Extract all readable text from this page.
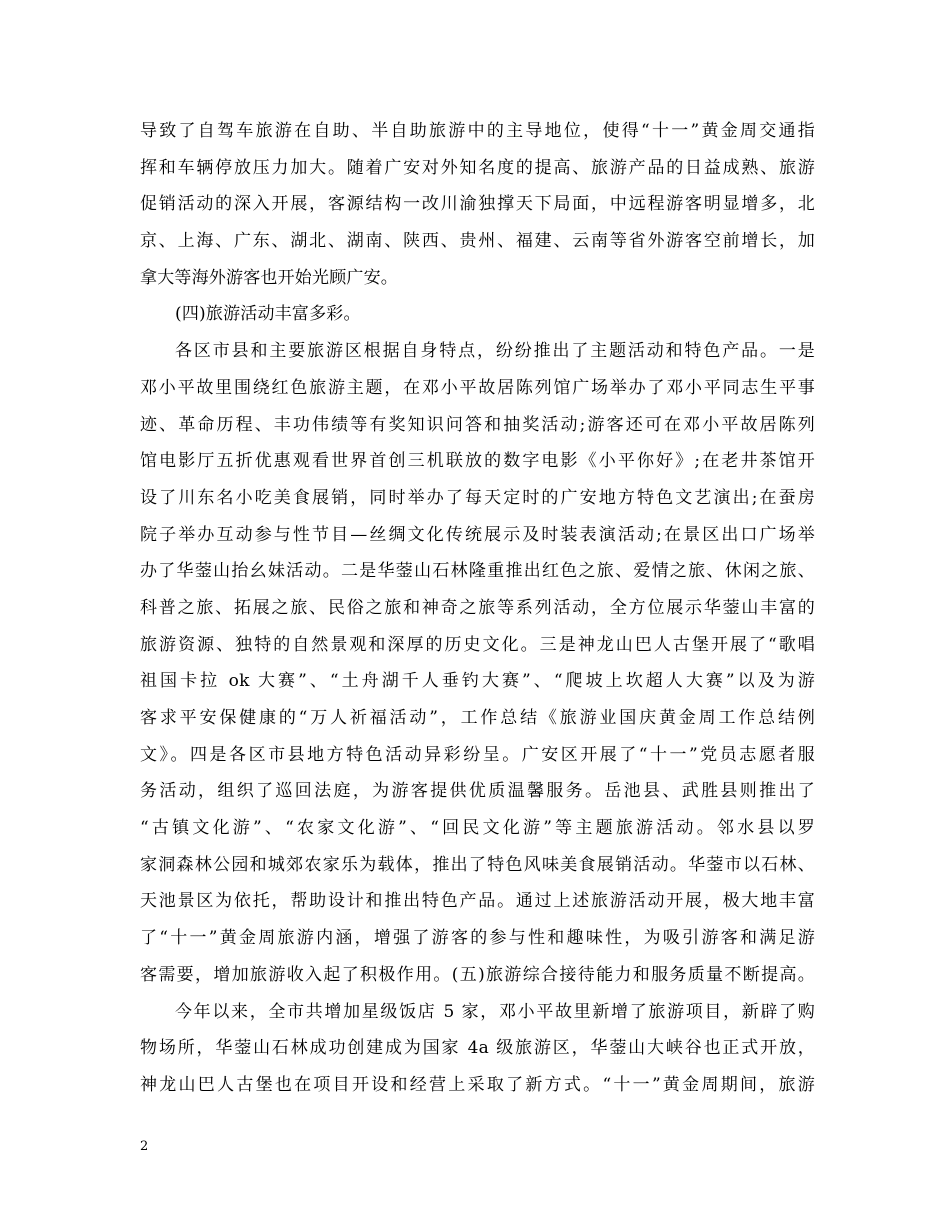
导致了自驾车旅游在自助、半自助旅游中的主导地位，使得“十一”黄金周交通指
挥和车辆停放压力加大。随着广安对外知名度的提高、旅游产品的日益成熟、旅游
促销活动的深入开展，客源结构一改川渝独撑天下局面，中远程游客明显增多，北
京、上海、广东、湖北、湖南、陕西、贵州、福建、云南等省外游客空前增长，加
拿大等海外游客也开始光顾广安。
(四)旅游活动丰富多彩。
各区市县和主要旅游区根据自身特点，纷纷推出了主题活动和特色产品。一是
邓小平故里围绕红色旅游主题，在邓小平故居陈列馆广场举办了邓小平同志生平事
迹、革命历程、丰功伟绩等有奖知识问答和抽奖活动;游客还可在邓小平故居陈列
馆电影厅五折优惠观看世界首创三机联放的数字电影《小平你好》;在老井茶馆开
设了川东名小吃美食展销，同时举办了每天定时的广安地方特色文艺演出;在蚕房
院子举办互动参与性节目—丝绸文化传统展示及时装表演活动;在景区出口广场举
办了华蓥山抬幺妹活动。二是华蓥山石林隆重推出红色之旅、爱情之旅、休闲之旅、
科普之旅、拓展之旅、民俗之旅和神奇之旅等系列活动，全方位展示华蓥山丰富的
旅游资源、独特的自然景观和深厚的历史文化。三是神龙山巴人古堡开展了“歌唱
祖国卡拉 ok 大赛”、“土舟湖千人垂钓大赛”、“爬坡上坎超人大赛”以及为游
客求平安保健康的“万人祈福活动”，工作总结《旅游业国庆黄金周工作总结例
文》。四是各区市县地方特色活动异彩纷呈。广安区开展了“十一”党员志愿者服
务活动，组织了巡回法庭，为游客提供优质温馨服务。岳池县、武胜县则推出了
“古镇文化游”、“农家文化游”、“回民文化游”等主题旅游活动。邻水县以罗
家洞森林公园和城郊农家乐为载体，推出了特色风味美食展销活动。华蓥市以石林、
天池景区为依托，帮助设计和推出特色产品。通过上述旅游活动开展，极大地丰富
了“十一”黄金周旅游内涵，增强了游客的参与性和趣味性，为吸引游客和满足游
客需要，增加旅游收入起了积极作用。(五)旅游综合接待能力和服务质量不断提高。
今年以来，全市共增加星级饭店 5 家，邓小平故里新增了旅游项目，新辟了购
物场所，华蓥山石林成功创建成为国家 4a 级旅游区，华蓥山大峡谷也正式开放，
神龙山巴人古堡也在项目开设和经营上采取了新方式。“十一”黄金周期间，旅游
2
